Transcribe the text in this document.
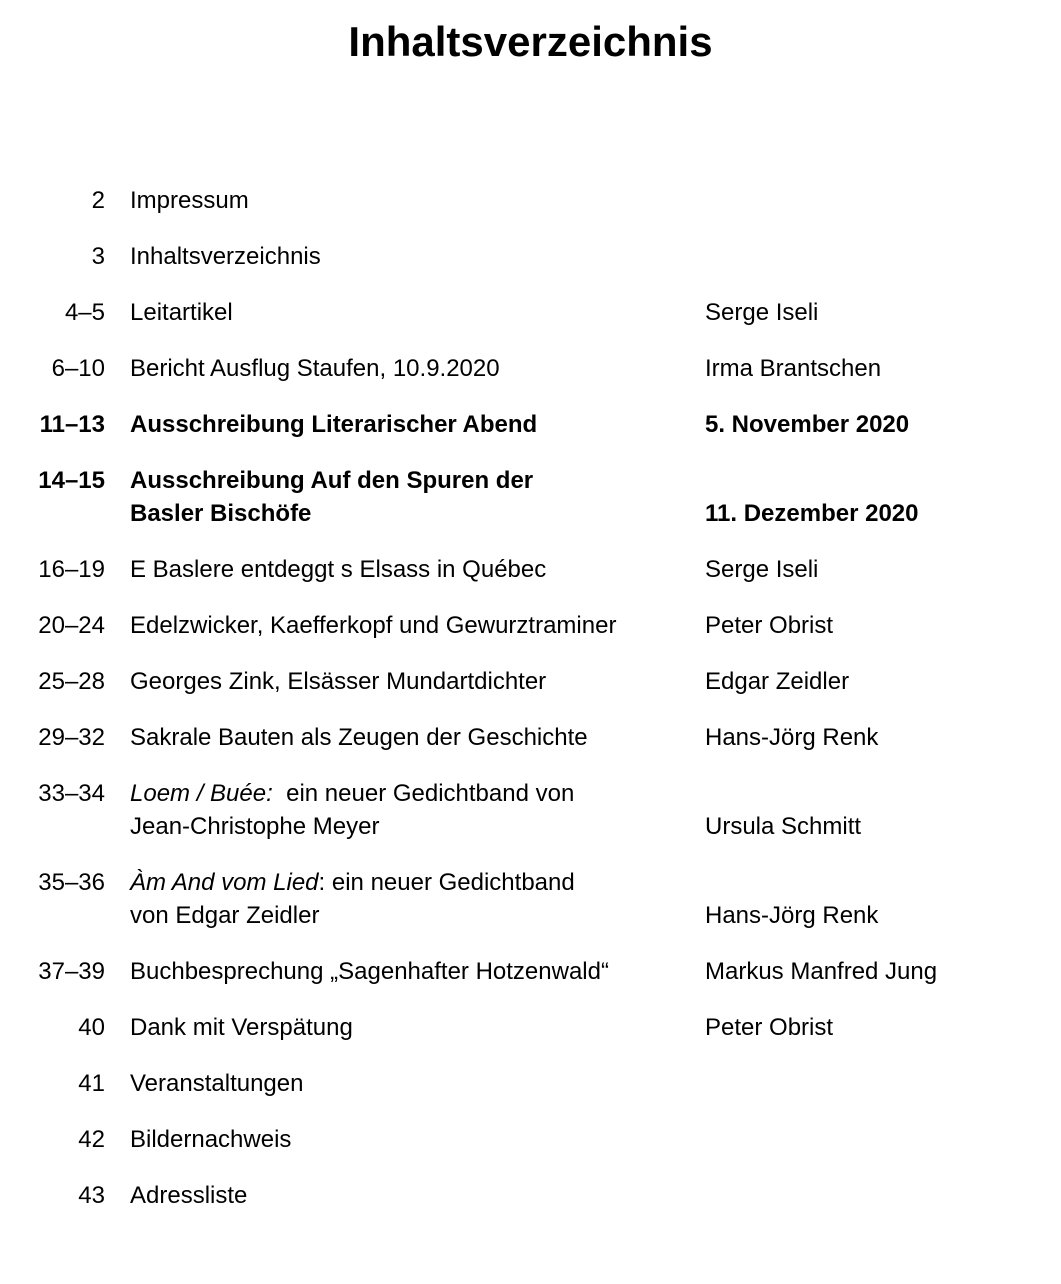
Inhaltsverzeichnis
2 Impressum
3 Inhaltsverzeichnis
4–5 Leitartikel	Serge Iseli
6–10 Bericht Ausflug Staufen, 10.9.2020	Irma Brantschen
11–13 Ausschreibung Literarischer Abend	5. November 2020
14–15 Ausschreibung Auf den Spuren der
Basler Bischöfe	11. Dezember 2020
16–19 E Baslere entdeggt s Elsass in Québec	Serge Iseli
20–24 Edelzwicker, Kaefferkopf und Gewurztraminer	Peter Obrist
25–28 Georges Zink, Elsässer Mundartdichter	Edgar Zeidler
29–32 Sakrale Bauten als Zeugen der Geschichte	Hans-Jörg Renk
33–34 Loem / Buée:  ein neuer Gedichtband von
Jean-Christophe Meyer	Ursula Schmitt
35–36 Àm And vom Lied: ein neuer Gedichtband
von Edgar Zeidler	Hans-Jörg Renk
37–39 Buchbesprechung „Sagenhafter Hotzenwald“	Markus Manfred Jung
40 Dank mit Verspätung	Peter Obrist
41 Veranstaltungen
42 Bildernachweis
43 Adressliste
